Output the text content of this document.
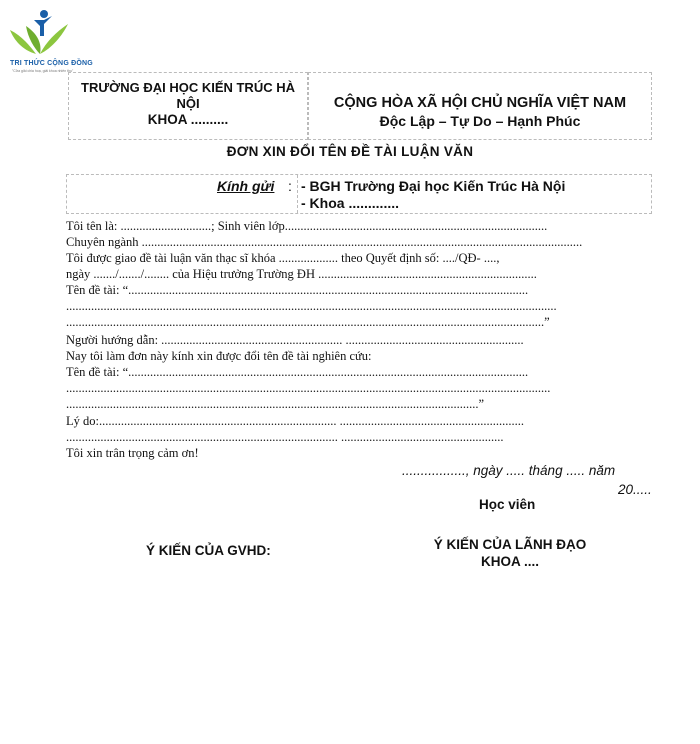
TRI THỨC CỘNG ĐỒNG
"Cửa giải chia hoạ, giải khoa nhiên thu"
TRƯỜNG ĐẠI HỌC KIẾN TRÚC HÀ
NỘI
KHOA ..........
CỘNG HÒA XÃ HỘI CHỦ NGHĨA VIỆT NAM
Độc Lập – Tự Do – Hạnh Phúc
ĐƠN XIN ĐỔI TÊN ĐỀ TÀI LUẬN VĂN
Kính gửi : - BGH Trường Đại học Kiến Trúc Hà Nội
- Khoa .............
Tôi tên là: .............................; Sinh viên lớp....................................................................................
Chuyên ngành .............................................................................................................................................
Tôi được giao đề tài luận văn thạc sĩ khóa ................... theo Quyết định số: ..../QĐ- ....,
ngày ......./......./........ của Hiệu trưởng Trường ĐH ......................................................................
Tên đề tài: “................................................................................................................................
.............................................................................................................................................................
.........................................................................................................................................................”
Người hướng dẫn: .......................................................... .........................................................
Nay tôi làm đơn này kính xin được đổi tên đề tài nghiên cứu:
Tên đề tài: “................................................................................................................................
...........................................................................................................................................................
....................................................................................................................................”
Lý do:............................................................................ ...........................................................
....................................................................................... ....................................................
Tôi xin trân trọng cảm ơn!
................., ngày ..... tháng ..... năm
20.....
Học viên
Ý KIẾN CỦA GVHD:	Ý KIẾN CỦA LÃNH ĐẠO
KHOA ....
